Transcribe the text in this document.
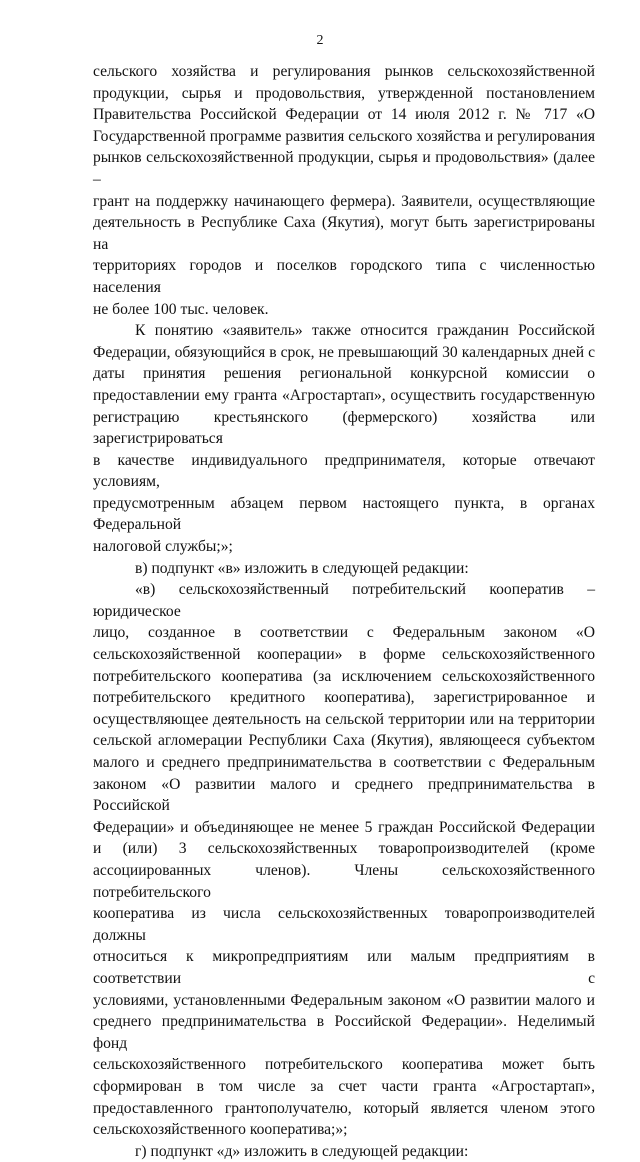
2

сельского хозяйства и регулирования рынков сельскохозяйственной
продукции, сырья и продовольствия, утвержденной постановлением
Правительства Российской Федерации от 14 июля 2012 г. № 717 «О
Государственной программе развития сельского хозяйства и регулирования
рынков сельскохозяйственной продукции, сырья и продовольствия» (далее –
грант на поддержку начинающего фермера). Заявители, осуществляющие
деятельность в Республике Саха (Якутия), могут быть зарегистрированы на
территориях городов и поселков городского типа с численностью населения
не более 100 тыс. человек.

К понятию «заявитель» также относится гражданин Российской
Федерации, обязующийся в срок, не превышающий 30 календарных дней с
даты принятия решения региональной конкурсной комиссии о
предоставлении ему гранта «Агростартап», осуществить государственную
регистрацию крестьянского (фермерского) хозяйства или зарегистрироваться
в качестве индивидуального предпринимателя, которые отвечают условиям,
предусмотренным абзацем первом настоящего пункта, в органах Федеральной
налоговой службы;»;

в) подпункт «в» изложить в следующей редакции:

«в) сельскохозяйственный потребительский кооператив – юридическое
лицо, созданное в соответствии с Федеральным законом «О
сельскохозяйственной кооперации» в форме сельскохозяйственного
потребительского кооператива (за исключением сельскохозяйственного
потребительского кредитного кооператива), зарегистрированное и
осуществляющее деятельность на сельской территории или на территории
сельской агломерации Республики Саха (Якутия), являющееся субъектом
малого и среднего предпринимательства в соответствии с Федеральным
законом «О развитии малого и среднего предпринимательства в Российской
Федерации» и объединяющее не менее 5 граждан Российской Федерации
и (или) 3 сельскохозяйственных товаропроизводителей (кроме
ассоциированных членов). Члены сельскохозяйственного потребительского
кооператива из числа сельскохозяйственных товаропроизводителей должны
относиться к микропредприятиям или малым предприятиям в соответствии с
условиями, установленными Федеральным законом «О развитии малого и
среднего предпринимательства в Российской Федерации». Неделимый фонд
сельскохозяйственного потребительского кооператива может быть
сформирован в том числе за счет части гранта «Агростартап»,
предоставленного грантополучателю, который является членом этого
сельскохозяйственного кооператива;»;

г) подпункт «д» изложить в следующей редакции:
